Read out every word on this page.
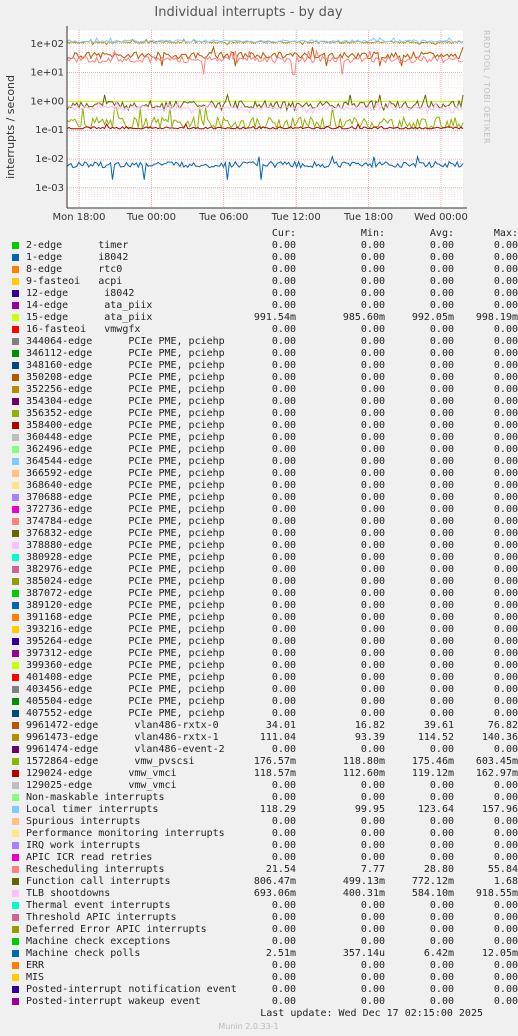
Individual interrupts - by day
RRDTOOL / TOBI OETIKER
interrupts / second
1e-03
1e-02
1e-01
1e+00
1e+01
1e+02
Mon 18:00 Tue 00:00 Tue 06:00 Tue 12:00 Tue 18:00 Wed 00:00
Cur:	Min:	Avg:	Max:
2-edge      timer	0.00	0.00	0.00	0.00
1-edge      i8042	0.00	0.00	0.00	0.00
8-edge      rtc0	0.00	0.00	0.00	0.00
9-fasteoi   acpi	0.00	0.00	0.00	0.00
12-edge      i8042	0.00	0.00	0.00	0.00
14-edge      ata_piix	0.00	0.00	0.00	0.00
15-edge      ata_piix	991.54m	985.60m	992.05m	998.19m
16-fasteoi   vmwgfx	0.00	0.00	0.00	0.00
344064-edge      PCIe PME, pciehp	0.00	0.00	0.00	0.00
346112-edge      PCIe PME, pciehp	0.00	0.00	0.00	0.00
348160-edge      PCIe PME, pciehp	0.00	0.00	0.00	0.00
350208-edge      PCIe PME, pciehp	0.00	0.00	0.00	0.00
352256-edge      PCIe PME, pciehp	0.00	0.00	0.00	0.00
354304-edge      PCIe PME, pciehp	0.00	0.00	0.00	0.00
356352-edge      PCIe PME, pciehp	0.00	0.00	0.00	0.00
358400-edge      PCIe PME, pciehp	0.00	0.00	0.00	0.00
360448-edge      PCIe PME, pciehp	0.00	0.00	0.00	0.00
362496-edge      PCIe PME, pciehp	0.00	0.00	0.00	0.00
364544-edge      PCIe PME, pciehp	0.00	0.00	0.00	0.00
366592-edge      PCIe PME, pciehp	0.00	0.00	0.00	0.00
368640-edge      PCIe PME, pciehp	0.00	0.00	0.00	0.00
370688-edge      PCIe PME, pciehp	0.00	0.00	0.00	0.00
372736-edge      PCIe PME, pciehp	0.00	0.00	0.00	0.00
374784-edge      PCIe PME, pciehp	0.00	0.00	0.00	0.00
376832-edge      PCIe PME, pciehp	0.00	0.00	0.00	0.00
378880-edge      PCIe PME, pciehp	0.00	0.00	0.00	0.00
380928-edge      PCIe PME, pciehp	0.00	0.00	0.00	0.00
382976-edge      PCIe PME, pciehp	0.00	0.00	0.00	0.00
385024-edge      PCIe PME, pciehp	0.00	0.00	0.00	0.00
387072-edge      PCIe PME, pciehp	0.00	0.00	0.00	0.00
389120-edge      PCIe PME, pciehp	0.00	0.00	0.00	0.00
391168-edge      PCIe PME, pciehp	0.00	0.00	0.00	0.00
393216-edge      PCIe PME, pciehp	0.00	0.00	0.00	0.00
395264-edge      PCIe PME, pciehp	0.00	0.00	0.00	0.00
397312-edge      PCIe PME, pciehp	0.00	0.00	0.00	0.00
399360-edge      PCIe PME, pciehp	0.00	0.00	0.00	0.00
401408-edge      PCIe PME, pciehp	0.00	0.00	0.00	0.00
403456-edge      PCIe PME, pciehp	0.00	0.00	0.00	0.00
405504-edge      PCIe PME, pciehp	0.00	0.00	0.00	0.00
407552-edge      PCIe PME, pciehp	0.00	0.00	0.00	0.00
9961472-edge      vlan486-rxtx-0	34.01	16.82	39.61	76.82
9961473-edge      vlan486-rxtx-1	111.04	93.39	114.52	140.36
9961474-edge      vlan486-event-2	0.00	0.00	0.00	0.00
1572864-edge      vmw_pvscsi	176.57m	118.80m	175.46m	603.45m
129024-edge      vmw_vmci	118.57m	112.60m	119.12m	162.97m
129025-edge      vmw_vmci	0.00	0.00	0.00	0.00
Non-maskable interrupts	0.00	0.00	0.00	0.00
Local timer interrupts	118.29	99.95	123.64	157.96
Spurious interrupts	0.00	0.00	0.00	0.00
Performance monitoring interrupts	0.00	0.00	0.00	0.00
IRQ work interrupts	0.00	0.00	0.00	0.00
APIC ICR read retries	0.00	0.00	0.00	0.00
Rescheduling interrupts	21.54	7.77	28.80	55.84
Function call interrupts	806.47m	499.13m	772.12m	1.68
TLB shootdowns	693.06m	400.31m	584.10m	918.55m
Thermal event interrupts	0.00	0.00	0.00	0.00
Threshold APIC interrupts	0.00	0.00	0.00	0.00
Deferred Error APIC interrupts	0.00	0.00	0.00	0.00
Machine check exceptions	0.00	0.00	0.00	0.00
Machine check polls	2.51m	357.14u	6.42m	12.05m
ERR	0.00	0.00	0.00	0.00
MIS	0.00	0.00	0.00	0.00
Posted-interrupt notification event	0.00	0.00	0.00	0.00
Posted-interrupt wakeup event	0.00	0.00	0.00	0.00
Last update: Wed Dec 17 02:15:00 2025
Munin 2.0.33-1
